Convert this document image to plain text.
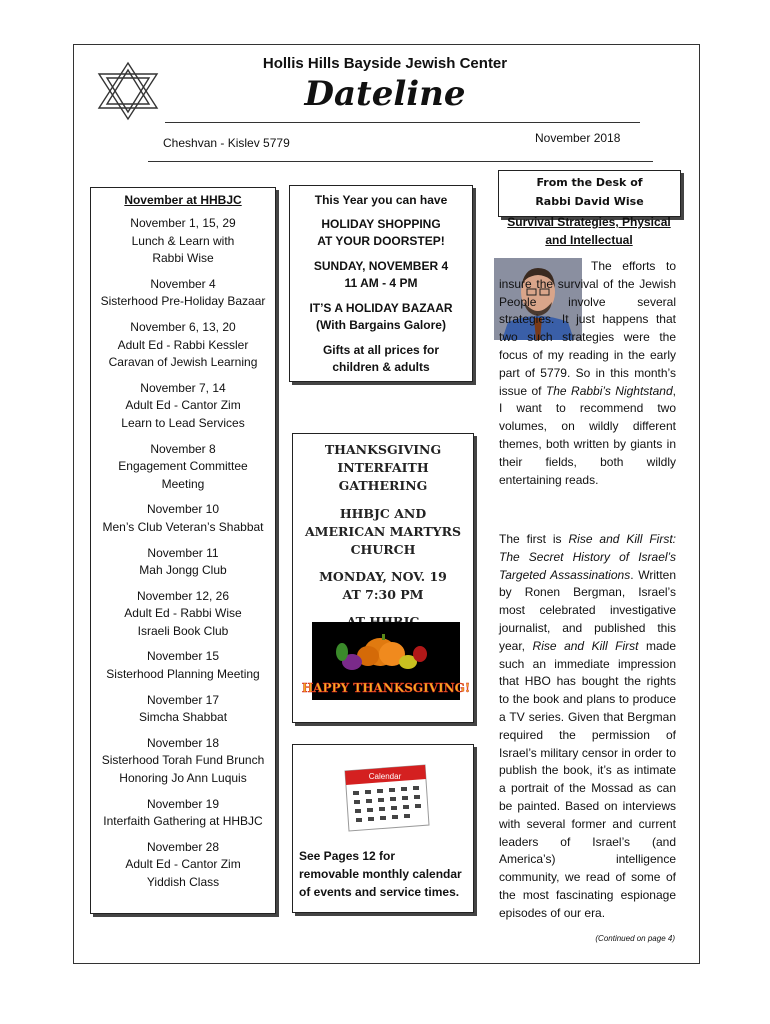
Hollis Hills Bayside Jewish Center
Dateline
Cheshvan - Kislev 5779	November 2018
November at HHBJC
November 1, 15, 29
Lunch & Learn with
Rabbi Wise
November 4
Sisterhood Pre-Holiday Bazaar
November 6, 13, 20
Adult Ed - Rabbi Kessler
Caravan of Jewish Learning
November 7, 14
Adult Ed - Cantor Zim
Learn to Lead Services
November 8
Engagement Committee
Meeting
November 10
Men’s Club Veteran’s Shabbat
November 11
Mah Jongg Club
November 12, 26
Adult Ed - Rabbi Wise
Israeli Book Club
November 15
Sisterhood Planning Meeting
November 17
Simcha Shabbat
November 18
Sisterhood Torah Fund Brunch
Honoring Jo Ann Luquis
November 19
Interfaith Gathering at HHBJC
November 28
Adult Ed - Cantor Zim
Yiddish Class

This Year you can have

HOLIDAY SHOPPING

AT YOUR DOORSTEP!

SUNDAY, NOVEMBER 4

11 AM - 4 PM

IT’S A HOLIDAY BAZAAR

(With Bargains Galore)

Gifts at all prices for

children & adults

THANKSGIVING

INTERFAITH GATHERING

HHBJC AND

AMERICAN MARTYRS

CHURCH

MONDAY, NOV. 19

AT 7:30 PM

HAPPY THANKSGIVING!
Calendar
See Pages 12 for
removable monthly calendar
of events and service times.

From the Desk of

Rabbi David Wise

Survival Strategies, Physical
and Intellectual
The efforts to insure the survival of the Jewish People involve several strategies. It just happens that two such strategies were the focus of my reading in the early part of 5779. So in this month’s issue of The Rabbi’s Nightstand, I want to recommend two volumes, on wildly different themes, both written by giants in their fields, both wildly entertaining reads.
The first is Rise and Kill First: The Secret History of Israel’s Targeted Assassinations. Written by Ronen Bergman, Israel’s most celebrated investigative journalist, and published this year, Rise and Kill First made such an immediate impression that HBO has bought the rights to the book and plans to produce a TV series. Given that Bergman required the permission of Israel’s military censor in order to publish the book, it’s as intimate a portrait of the Mossad as can be painted. Based on interviews with several former and current leaders of Israel’s (and America’s) intelligence community, we read of some of the most fascinating espionage episodes of our era.
(Continued on page 4)
